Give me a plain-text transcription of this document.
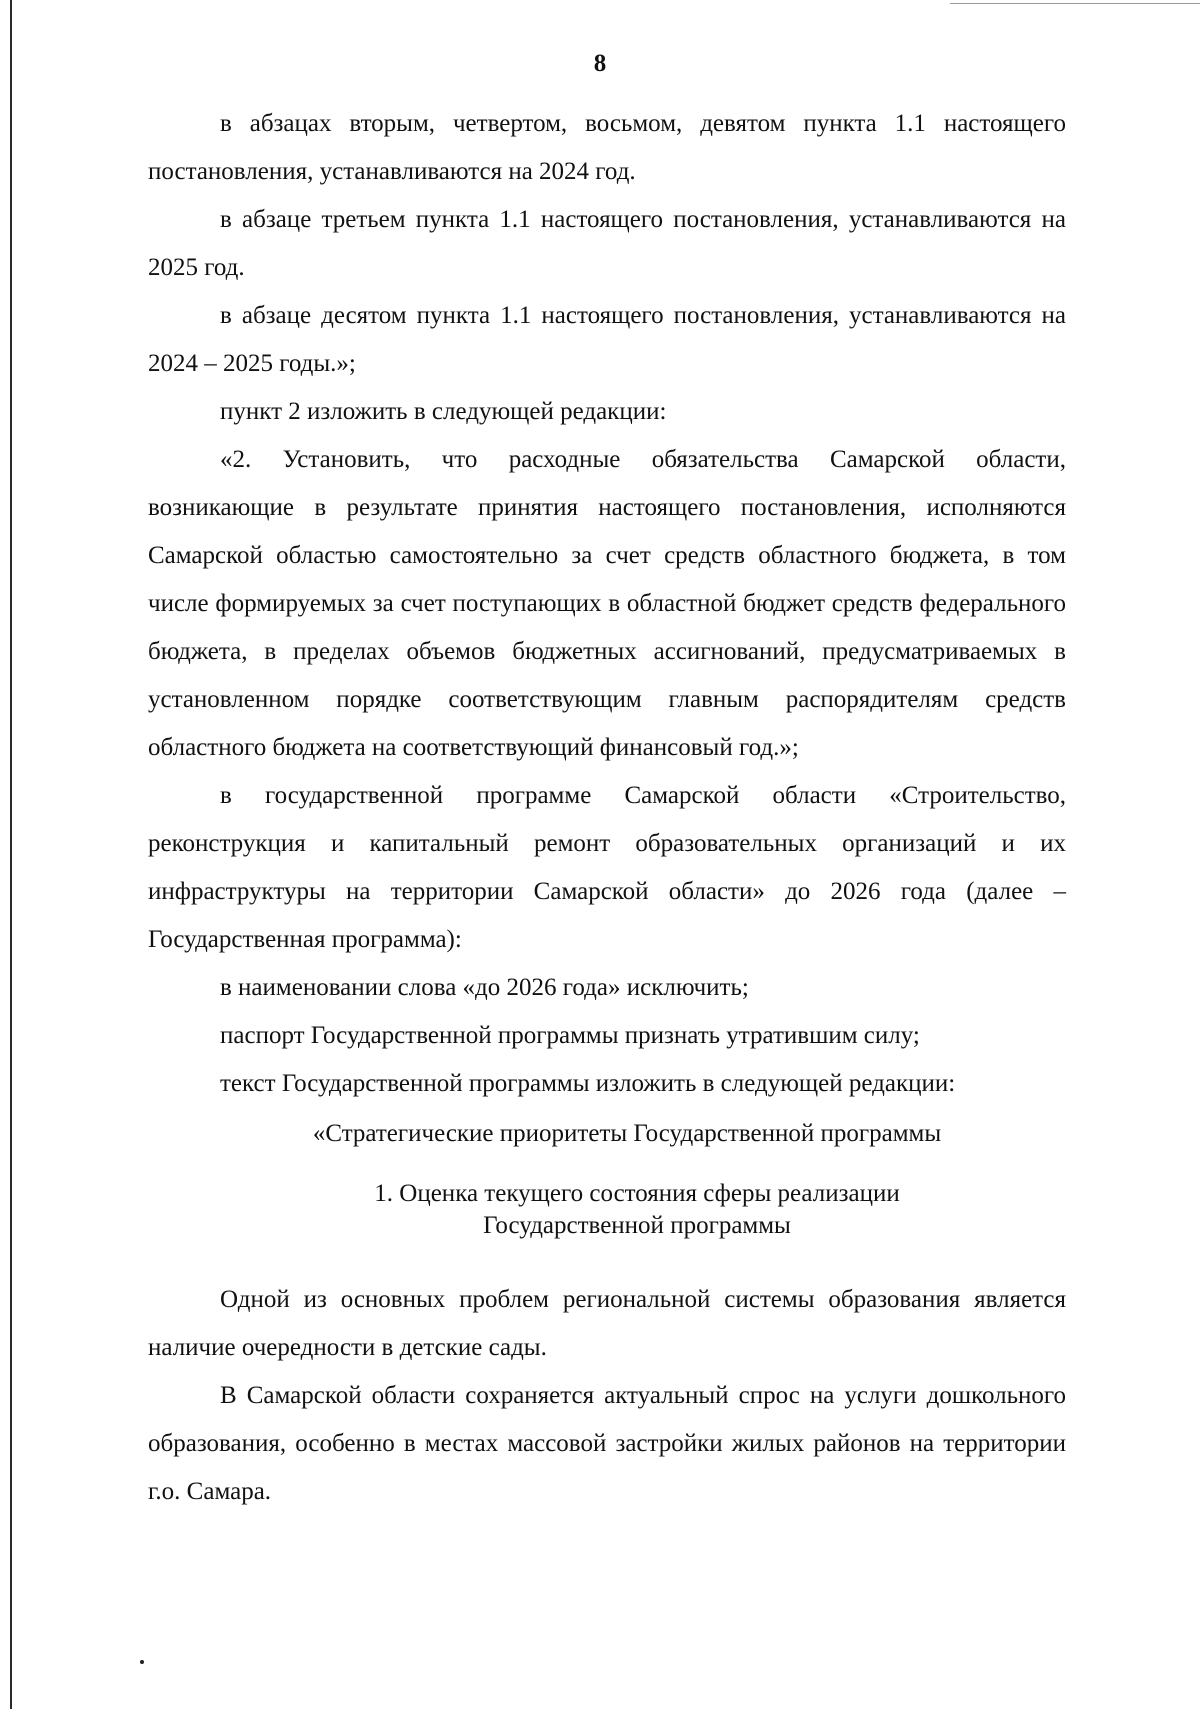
8

в абзацах вторым, четвертом, восьмом, девятом пункта 1.1 настоящего постановления, устанавливаются на 2024 год.

в абзаце третьем пункта 1.1 настоящего постановления, устанавливаются на 2025 год.

в абзаце десятом пункта 1.1 настоящего постановления, устанавливаются на 2024 – 2025 годы.»;

пункт 2 изложить в следующей редакции:

«2. Установить, что расходные обязательства Самарской области, возникающие в результате принятия настоящего постановления, исполняются Самарской областью самостоятельно за счет средств областного бюджета, в том числе формируемых за счет поступающих в областной бюджет средств федерального бюджета, в пределах объемов бюджетных ассигнований, предусматриваемых в установленном порядке соответствующим главным распорядителям средств областного бюджета на соответствующий финансовый год.»;

в государственной программе Самарской области «Строительство, реконструкция и капитальный ремонт образовательных организаций и их инфраструктуры на территории Самарской области» до 2026 года (далее – Государственная программа):

в наименовании слова «до 2026 года» исключить;

паспорт Государственной программы признать утратившим силу;

текст Государственной программы изложить в следующей редакции:

«Стратегические приоритеты Государственной программы

1. Оценка текущего состояния сферы реализации
Государственной программы

Одной из основных проблем региональной системы образования является наличие очередности в детские сады.

В Самарской области сохраняется актуальный спрос на услуги дошкольного образования, особенно в местах массовой застройки жилых районов на территории г.о. Самара.
